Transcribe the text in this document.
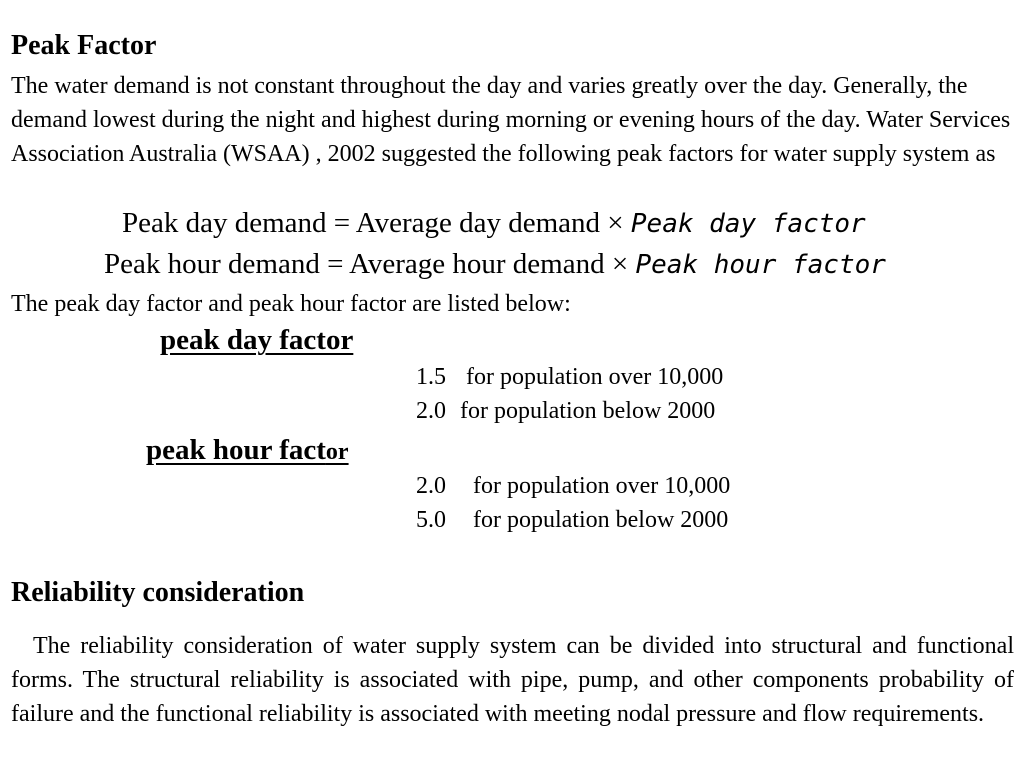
Peak Factor
The water demand is not constant throughout the day and varies greatly over the day. Generally, the demand lowest during the night and highest during morning or evening hours of the day. Water Services Association Australia (WSAA) , 2002 suggested the following peak factors for water supply system as
Peak day demand = Average day demand × Peak day factor
Peak hour demand = Average hour demand × Peak hour factor
The peak day factor and peak hour factor are listed below:
peak day factor
1.5 for population over 10,000
2.0 for population below 2000
peak hour factor
2.0 for population over 10,000
5.0 for population below 2000
Reliability consideration
The reliability consideration of water supply system can be divided into structural and functional forms. The structural reliability is associated with pipe, pump, and other components probability of failure and the functional reliability is associated with meeting nodal pressure and flow requirements.
